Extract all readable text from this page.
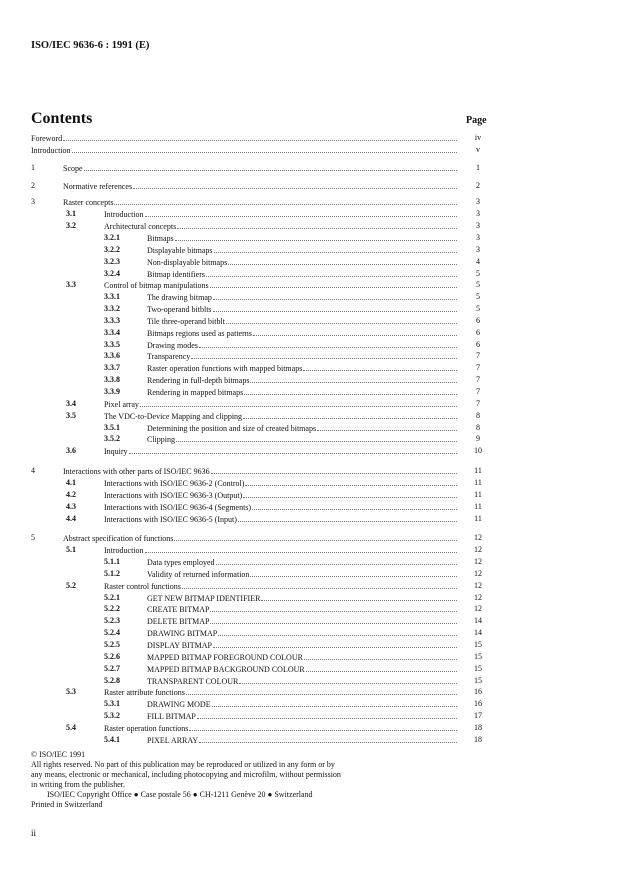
ISO/IEC 9636-6 : 1991 (E)
Contents	Page
Foreword	iv
Introduction	v
1	Scope	1
2	Normative references	2
3	Raster concepts	3
3.1	Introduction	3
3.2	Architectural concepts	3
3.2.1	Bitmaps	3
3.2.2	Displayable bitmaps	3
3.2.3	Non-displayable bitmaps	4
3.2.4	Bitmap identifiers	5
3.3	Control of bitmap manipulations	5
3.3.1	The drawing bitmap	5
3.3.2	Two-operand bitblts	5
3.3.3	Tile three-operand bitblt	6
3.3.4	Bitmaps regions used as patterns	6
3.3.5	Drawing modes	6
3.3.6	Transparency	7
3.3.7	Raster operation functions with mapped bitmaps	7
3.3.8	Rendering in full-depth bitmaps	7
3.3.9	Rendering in mapped bitmaps	7
3.4	Pixel array	7
3.5	The VDC-to-Device Mapping and clipping	8
3.5.1	Determining the position and size of created bitmaps	8
3.5.2	Clipping	9
3.6	Inquiry	10
4	Interactions with other parts of ISO/IEC 9636	11
4.1	Interactions with ISO/IEC 9636-2 (Control)	11
4.2	Interactions with ISO/IEC 9636-3 (Output)	11
4.3	Interactions with ISO/IEC 9636-4 (Segments)	11
4.4	Interactions with ISO/IEC 9636-5 (Input)	11
5	Abstract specification of functions	12
5.1	Introduction	12
5.1.1	Data types employed	12
5.1.2	Validity of returned information	12
5.2	Raster control functions	12
5.2.1	GET NEW BITMAP IDENTIFIER	12
5.2.2	CREATE BITMAP	12
5.2.3	DELETE BITMAP	14
5.2.4	DRAWING BITMAP	14
5.2.5	DISPLAY BITMAP	15
5.2.6	MAPPED BITMAP FOREGROUND COLOUR	15
5.2.7	MAPPED BITMAP BACKGROUND COLOUR	15
5.2.8	TRANSPARENT COLOUR	15
5.3	Raster attribute functions	16
5.3.1	DRAWING MODE	16
5.3.2	FILL BITMAP	17
5.4	Raster operation functions	18
5.4.1	PIXEL ARRAY	18

© ISO/IEC 1991

All rights reserved. No part of this publication may be reproduced or utilized in any form or by

any means, electronic or mechanical, including photocopying and microfilm, without permission

in writing from the publisher.

ISO/IEC Copyright Office ● Case postale 56 ● CH-1211 Genève 20 ● Switzerland

Printed in Switzerland

ii
